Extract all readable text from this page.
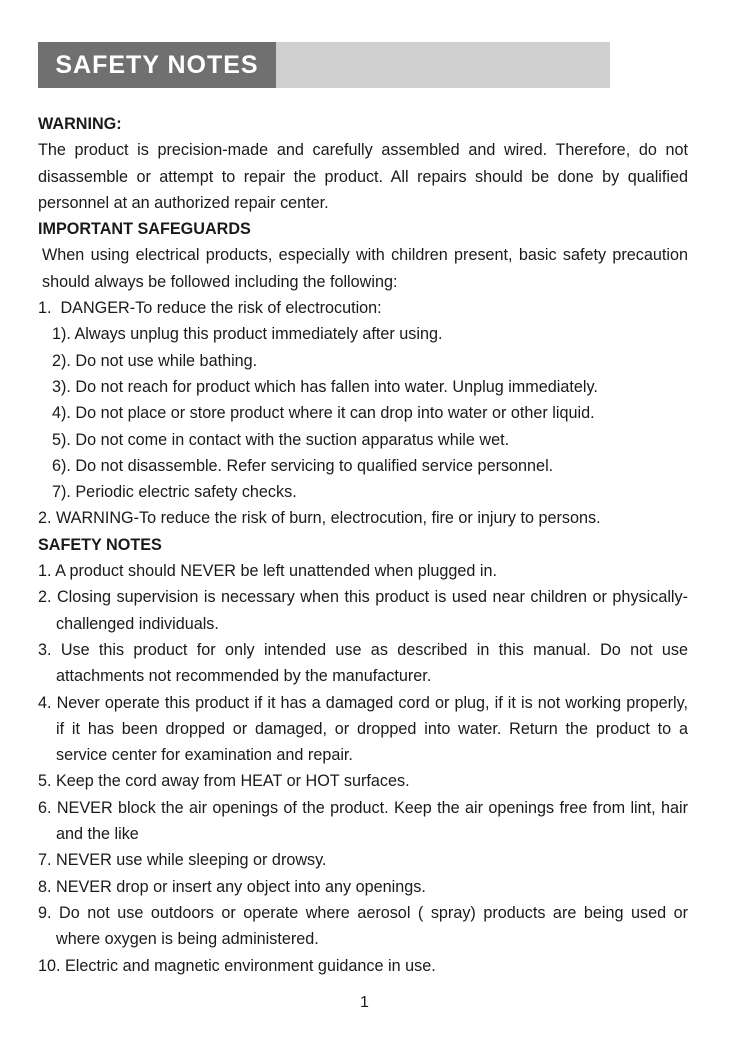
SAFETY NOTES

WARNING:

The product is precision-made and carefully assembled and wired. Therefore, do not disassemble or attempt to repair the product. All repairs should be done by qualified personnel at an authorized repair center.

IMPORTANT SAFEGUARDS

When using electrical products, especially with children present, basic safety precaution should always be followed including the following:

1.  DANGER-To reduce the risk of electrocution:

1). Always unplug this product immediately after using.

2). Do not use while bathing.

3). Do not reach for product which has fallen into water. Unplug immediately.

4). Do not place or store product where it can drop into water or other liquid.

5). Do not come in contact with the suction apparatus while wet.

6). Do not disassemble. Refer servicing to qualified service personnel.

7). Periodic electric safety checks.

2. WARNING-To reduce the risk of burn, electrocution, fire or injury to persons.

SAFETY NOTES

1. A product should NEVER be left unattended when plugged in.

2. Closing supervision is necessary when this product is used near children or physically-challenged individuals.

3. Use this product for only intended use as described in this manual. Do not use attachments not recommended by the manufacturer.

4. Never operate this product if it has a damaged cord or plug, if it is not working properly, if it has been dropped or damaged, or dropped into water. Return the product to a service center for examination and repair.

5. Keep the cord away from HEAT or HOT surfaces.

6. NEVER block the air openings of the product. Keep the air openings free from lint, hair and the like

7. NEVER use while sleeping or drowsy.

8. NEVER drop or insert any object into any openings.

9. Do not use outdoors or operate where aerosol ( spray) products are being used or where oxygen is being administered.

10. Electric and magnetic environment guidance in use.

1
